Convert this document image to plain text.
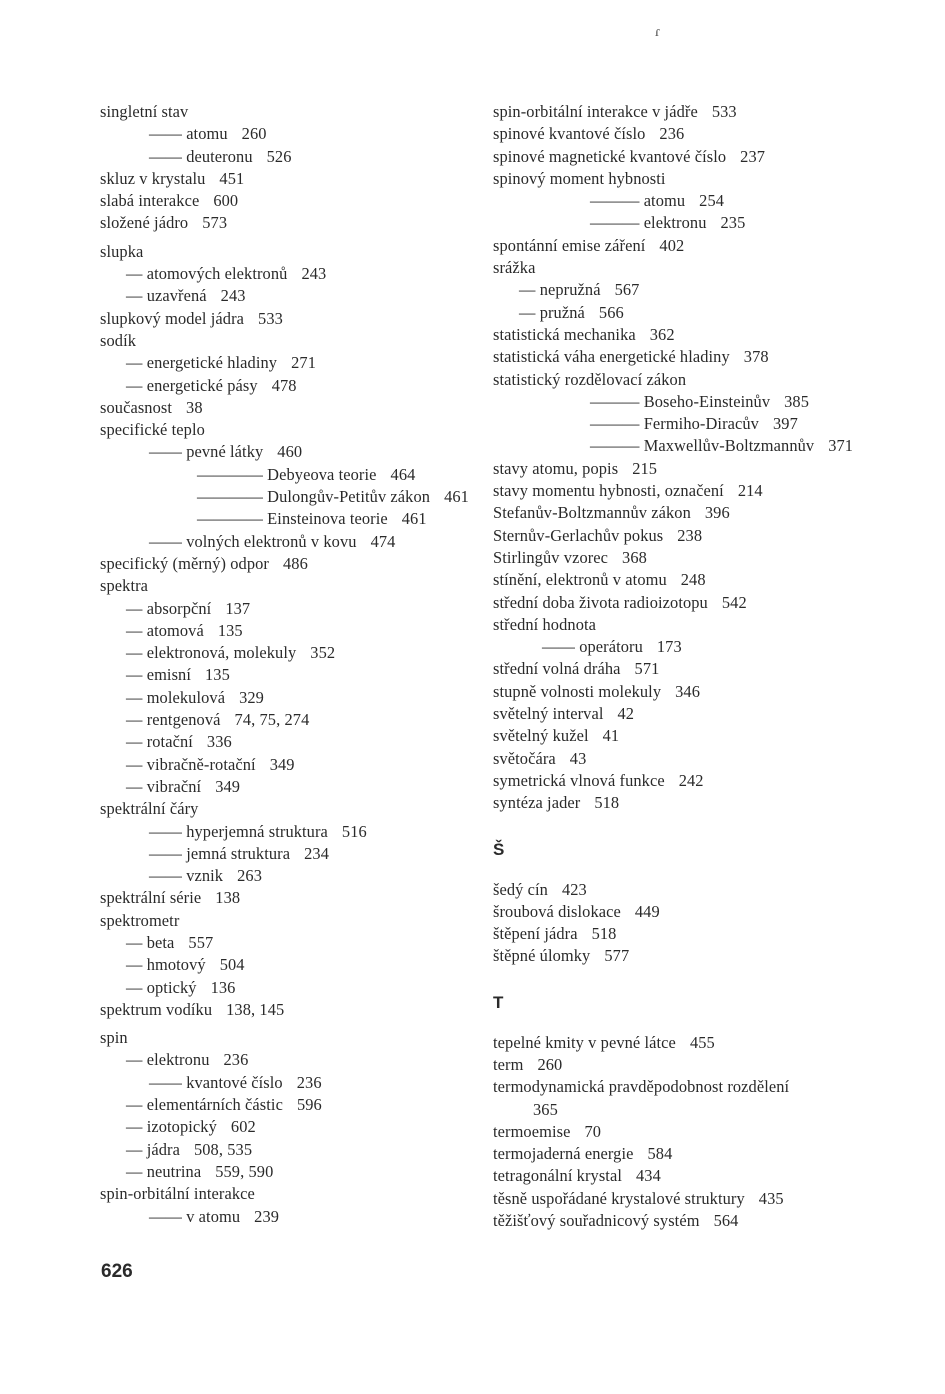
ɾ
singletní stav
—— atomu 260
—— deuteronu 526
skluz v krystalu 451
slabá interakce 600
složené jádro 573
slupka
— atomových elektronů 243
— uzavřená 243
slupkový model jádra 533
sodík
— energetické hladiny 271
— energetické pásy 478
současnost 38
specifické teplo
—— pevné látky 460
———— Debyeova teorie 464
———— Dulongův-Petitův zákon 461
———— Einsteinova teorie 461
—— volných elektronů v kovu 474
specifický (měrný) odpor 486
spektra
— absorpční 137
— atomová 135
— elektronová, molekuly 352
— emisní 135
— molekulová 329
— rentgenová 74, 75, 274
— rotační 336
— vibračně-rotační 349
— vibrační 349
spektrální čáry
—— hyperjemná struktura 516
—— jemná struktura 234
—— vznik 263
spektrální série 138
spektrometr
— beta 557
— hmotový 504
— optický 136
spektrum vodíku 138, 145
spin
— elektronu 236
—— kvantové číslo 236
— elementárních částic 596
— izotopický 602
— jádra 508, 535
— neutrina 559, 590
spin-orbitální interakce
—— v atomu 239
spin-orbitální interakce v jádře 533
spinové kvantové číslo 236
spinové magnetické kvantové číslo 237
spinový moment hybnosti
——— atomu 254
——— elektronu 235
spontánní emise záření 402
srážka
— nepružná 567
— pružná 566
statistická mechanika 362
statistická váha energetické hladiny 378
statistický rozdělovací zákon
——— Boseho-Einsteinův 385
——— Fermiho-Diracův 397
——— Maxwellův-Boltzmannův 371
stavy atomu, popis 215
stavy momentu hybnosti, označení 214
Stefanův-Boltzmannův zákon 396
Sternův-Gerlachův pokus 238
Stirlingův vzorec 368
stínění, elektronů v atomu 248
střední doba života radioizotopu 542
střední hodnota
—— operátoru 173
střední volná dráha 571
stupně volnosti molekuly 346
světelný interval 42
světelný kužel 41
světočára 43
symetrická vlnová funkce 242
syntéza jader 518
Š
šedý cín 423
šroubová dislokace 449
štěpení jádra 518
štěpné úlomky 577
T
tepelné kmity v pevné látce 455
term 260
termodynamická pravděpodobnost rozdělení
365
termoemise 70
termojaderná energie 584
tetragonální krystal 434
těsně uspořádané krystalové struktury 435
těžišťový souřadnicový systém 564
626
